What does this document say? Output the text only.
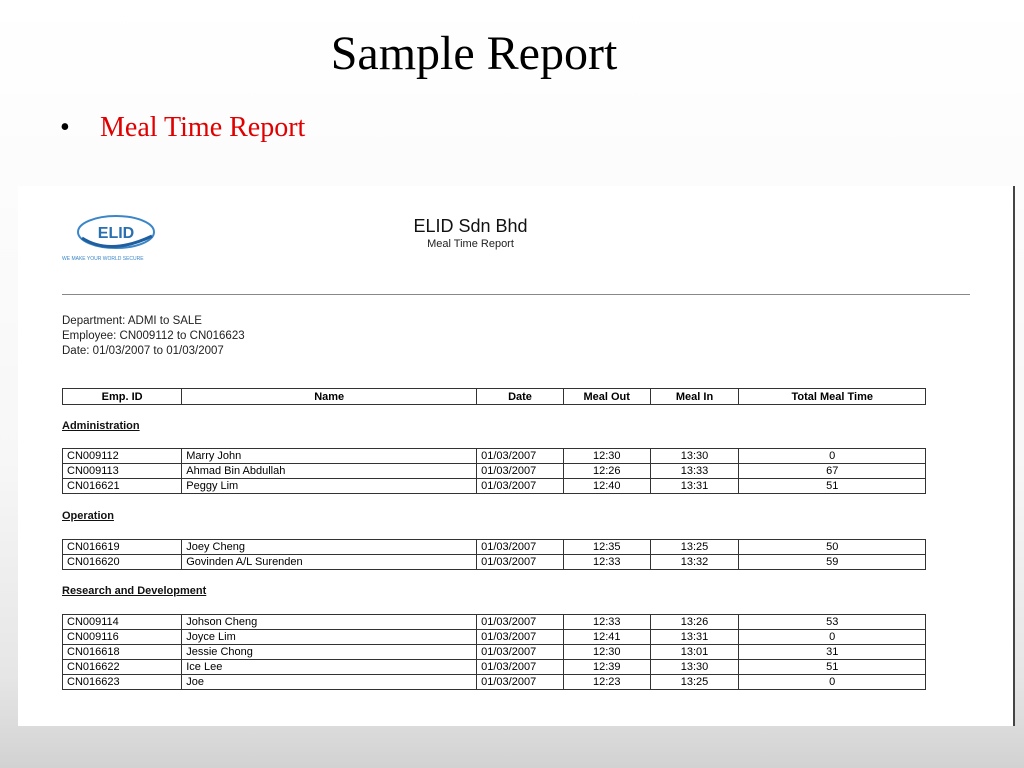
Sample Report
• Meal Time Report
ELID
WE MAKE YOUR WORLD SECURE
ELID Sdn Bhd
Meal Time Report
Department: ADMI to SALE
Employee: CN009112 to CN016623
Date: 01/03/2007 to 01/03/2007
Emp. ID	Name	Date	Meal Out	Meal In	Total Meal Time
Administration
CN009112	Marry John	01/03/2007	12:30	13:30	0
CN009113	Ahmad Bin Abdullah	01/03/2007	12:26	13:33	67
CN016621	Peggy Lim	01/03/2007	12:40	13:31	51
Operation
CN016619	Joey Cheng	01/03/2007	12:35	13:25	50
CN016620	Govinden A/L Surenden	01/03/2007	12:33	13:32	59
Research and Development
CN009114	Johson Cheng	01/03/2007	12:33	13:26	53
CN009116	Joyce Lim	01/03/2007	12:41	13:31	0
CN016618	Jessie Chong	01/03/2007	12:30	13:01	31
CN016622	Ice Lee	01/03/2007	12:39	13:30	51
CN016623	Joe	01/03/2007	12:23	13:25	0
